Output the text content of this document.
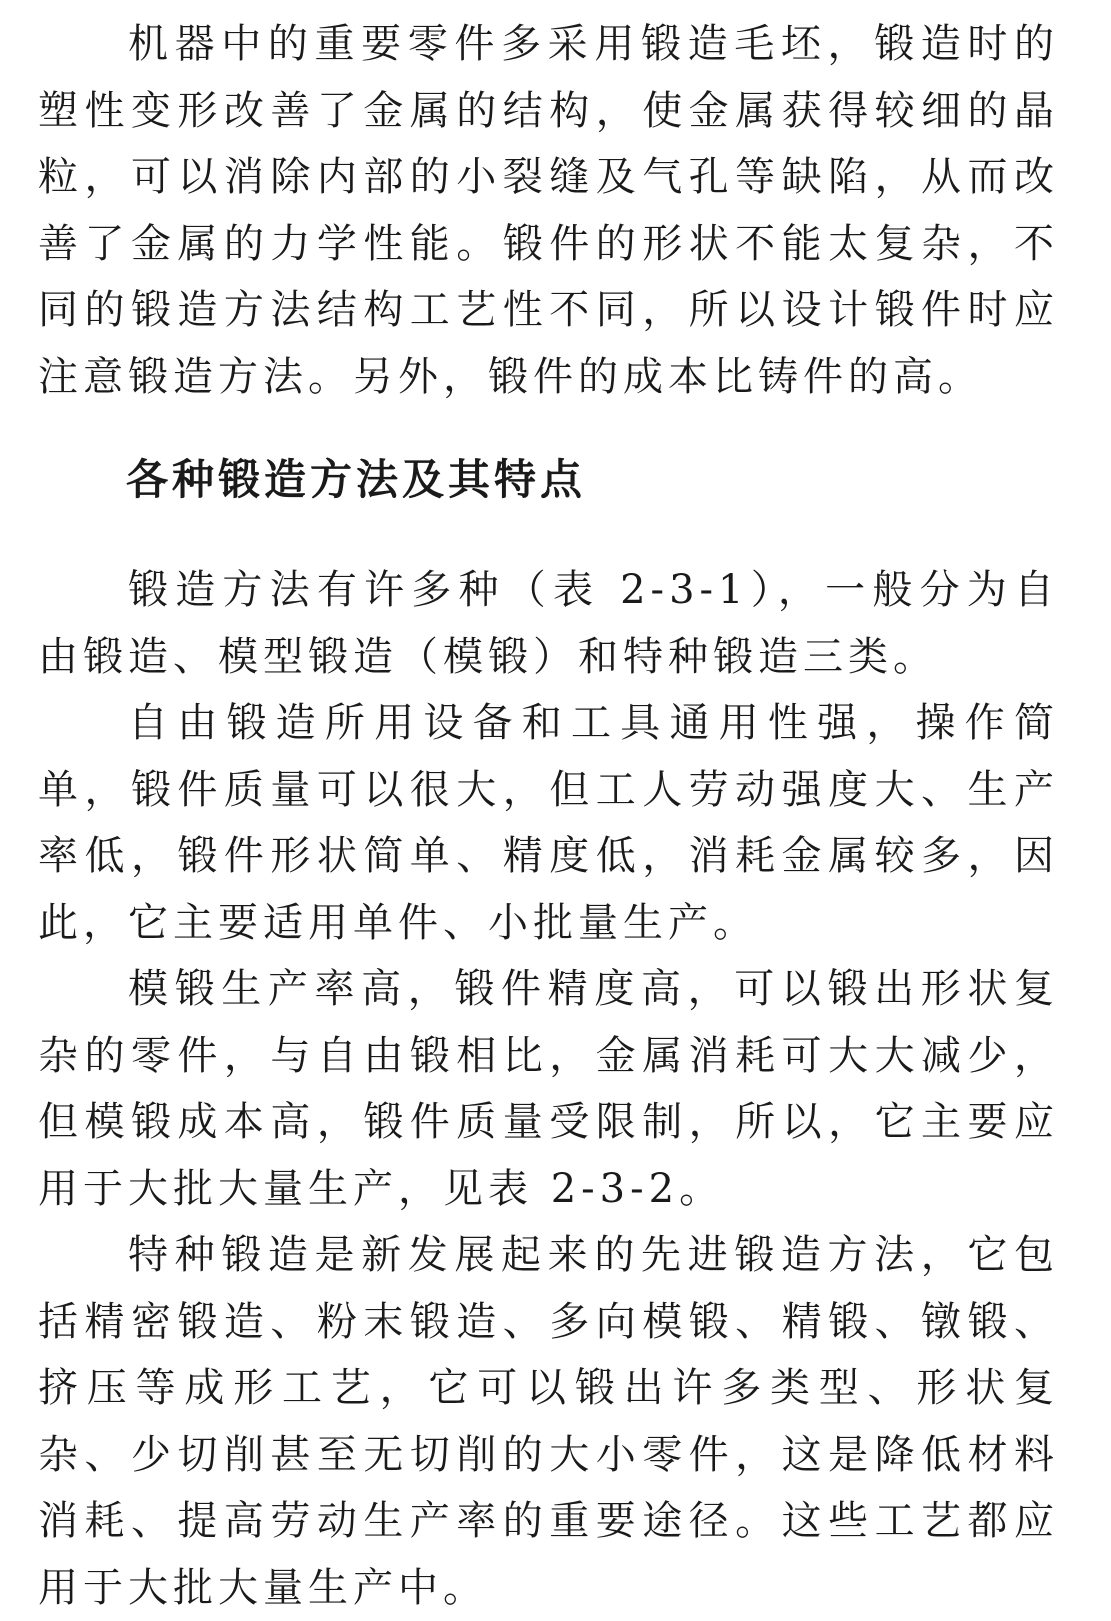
机器中的重要零件多采用锻造毛坯，锻造时的塑性变形改善了金属的结构，使金属获得较细的晶粒，可以消除内部的小裂缝及气孔等缺陷，从而改善了金属的力学性能。锻件的形状不能太复杂，不同的锻造方法结构工艺性不同，所以设计锻件时应注意锻造方法。另外，锻件的成本比铸件的高。

各种锻造方法及其特点

锻造方法有许多种（表 2-3-1），一般分为自由锻造、模型锻造（模锻）和特种锻造三类。

自由锻造所用设备和工具通用性强，操作简单，锻件质量可以很大，但工人劳动强度大、生产率低，锻件形状简单、精度低，消耗金属较多，因此，它主要适用单件、小批量生产。

模锻生产率高，锻件精度高，可以锻出形状复杂的零件，与自由锻相比，金属消耗可大大减少，但模锻成本高，锻件质量受限制，所以，它主要应用于大批大量生产，见表 2-3-2。

特种锻造是新发展起来的先进锻造方法，它包括精密锻造、粉末锻造、多向模锻、精锻、镦锻、挤压等成形工艺，它可以锻出许多类型、形状复杂、少切削甚至无切削的大小零件，这是降低材料消耗、提高劳动生产率的重要途径。这些工艺都应用于大批大量生产中。
